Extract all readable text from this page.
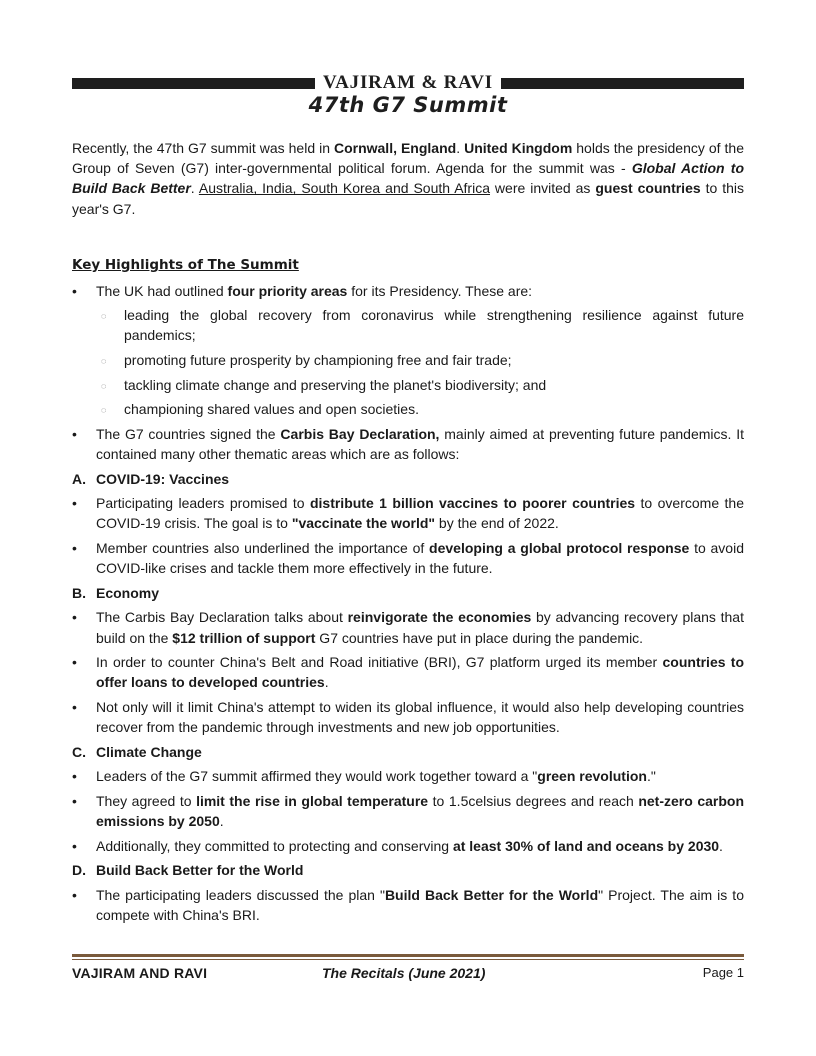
VAJIRAM & RAVI
47th G7 Summit

Recently, the 47th G7 summit was held in Cornwall, England. United Kingdom holds the presidency of the Group of Seven (G7) inter-governmental political forum. Agenda for the summit was - Global Action to Build Back Better. Australia, India, South Korea and South Africa were invited as guest countries to this year's G7.

Key Highlights of The Summit
• The UK had outlined four priority areas for its Presidency. These are:
◌ leading the global recovery from coronavirus while strengthening resilience against future pandemics;
◌ promoting future prosperity by championing free and fair trade;
◌ tackling climate change and preserving the planet's biodiversity; and
◌ championing shared values and open societies.
• The G7 countries signed the Carbis Bay Declaration, mainly aimed at preventing future pandemics. It contained many other thematic areas which are as follows:
A. COVID-19: Vaccines
• Participating leaders promised to distribute 1 billion vaccines to poorer countries to overcome the COVID-19 crisis. The goal is to "vaccinate the world" by the end of 2022.
• Member countries also underlined the importance of developing a global protocol response to avoid COVID-like crises and tackle them more effectively in the future.
B. Economy
• The Carbis Bay Declaration talks about reinvigorate the economies by advancing recovery plans that build on the $12 trillion of support G7 countries have put in place during the pandemic.
• In order to counter China's Belt and Road initiative (BRI), G7 platform urged its member countries to offer loans to developed countries.
• Not only will it limit China's attempt to widen its global influence, it would also help developing countries recover from the pandemic through investments and new job opportunities.
C. Climate Change
• Leaders of the G7 summit affirmed they would work together toward a "green revolution."
• They agreed to limit the rise in global temperature to 1.5celsius degrees and reach net-zero carbon emissions by 2050.
• Additionally, they committed to protecting and conserving at least 30% of land and oceans by 2030.
D. Build Back Better for the World
• The participating leaders discussed the plan "Build Back Better for the World" Project. The aim is to compete with China's BRI.
VAJIRAM AND RAVI	The Recitals (June 2021)	Page 1
